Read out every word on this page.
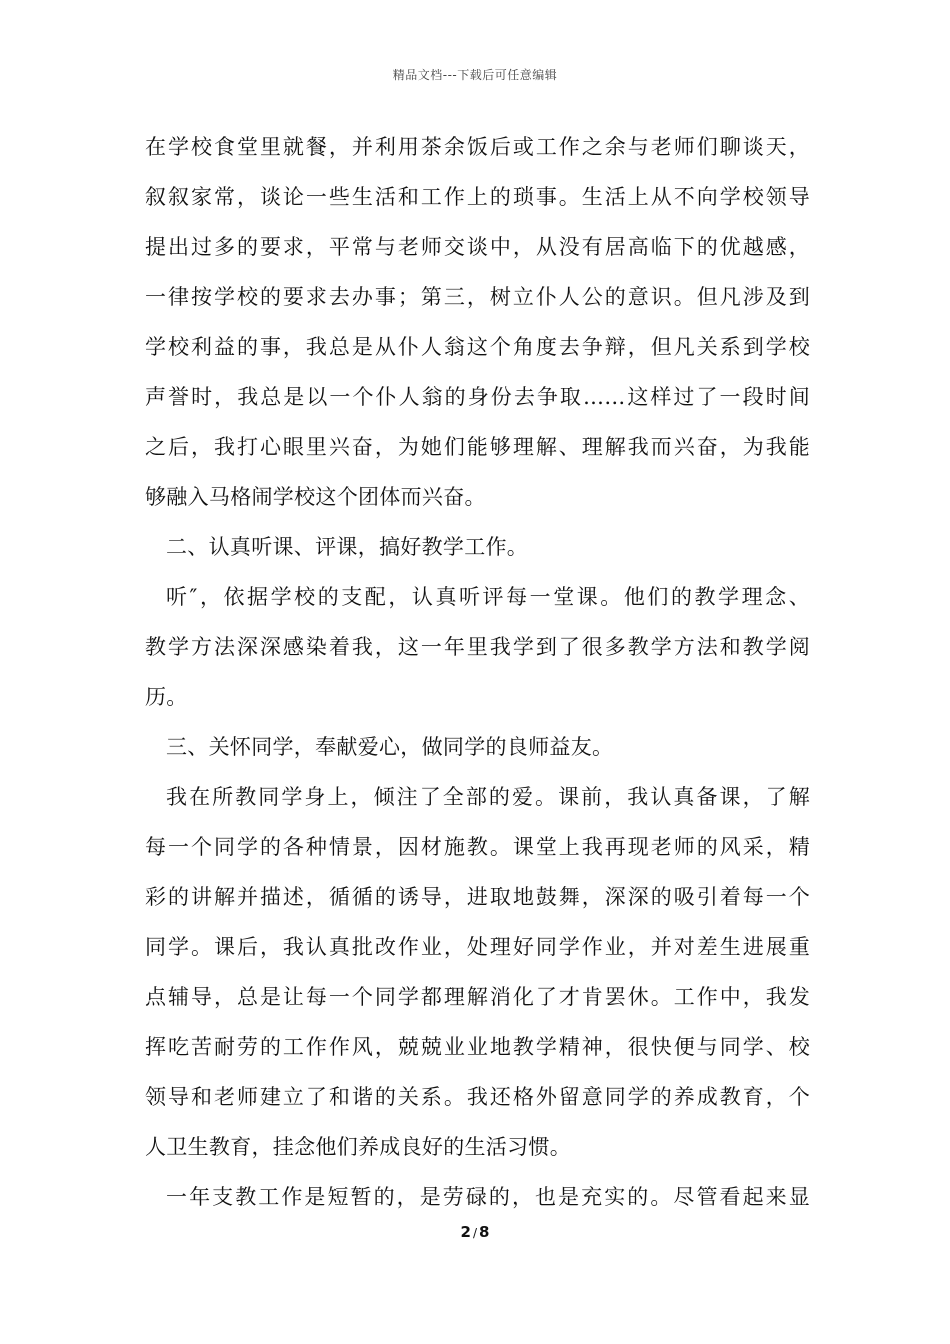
精品文档---下载后可任意编辑
在学校食堂里就餐，并利用茶余饭后或工作之余与老师们聊谈天，
叙叙家常，谈论一些生活和工作上的琐事。生活上从不向学校领导
提出过多的要求，平常与老师交谈中，从没有居高临下的优越感，
一律按学校的要求去办事；第三，树立仆人公的意识。但凡涉及到
学校利益的事，我总是从仆人翁这个角度去争辩，但凡关系到学校
声誉时，我总是以一个仆人翁的身份去争取……这样过了一段时间
之后，我打心眼里兴奋，为她们能够理解、理解我而兴奋，为我能
够融入马格闹学校这个团体而兴奋。
二、认真听课、评课，搞好教学工作。
听″，依据学校的支配，认真听评每一堂课。他们的教学理念、
教学方法深深感染着我，这一年里我学到了很多教学方法和教学阅
历。
三、关怀同学，奉献爱心，做同学的良师益友。
我在所教同学身上，倾注了全部的爱。课前，我认真备课，了解
每一个同学的各种情景，因材施教。课堂上我再现老师的风采，精
彩的讲解并描述，循循的诱导，进取地鼓舞，深深的吸引着每一个
同学。课后，我认真批改作业，处理好同学作业，并对差生进展重
点辅导，总是让每一个同学都理解消化了才肯罢休。工作中，我发
挥吃苦耐劳的工作作风，兢兢业业地教学精神，很快便与同学、校
领导和老师建立了和谐的关系。我还格外留意同学的养成教育，个
人卫生教育，挂念他们养成良好的生活习惯。
一年支教工作是短暂的，是劳碌的，也是充实的。尽管看起来显
2 / 8
